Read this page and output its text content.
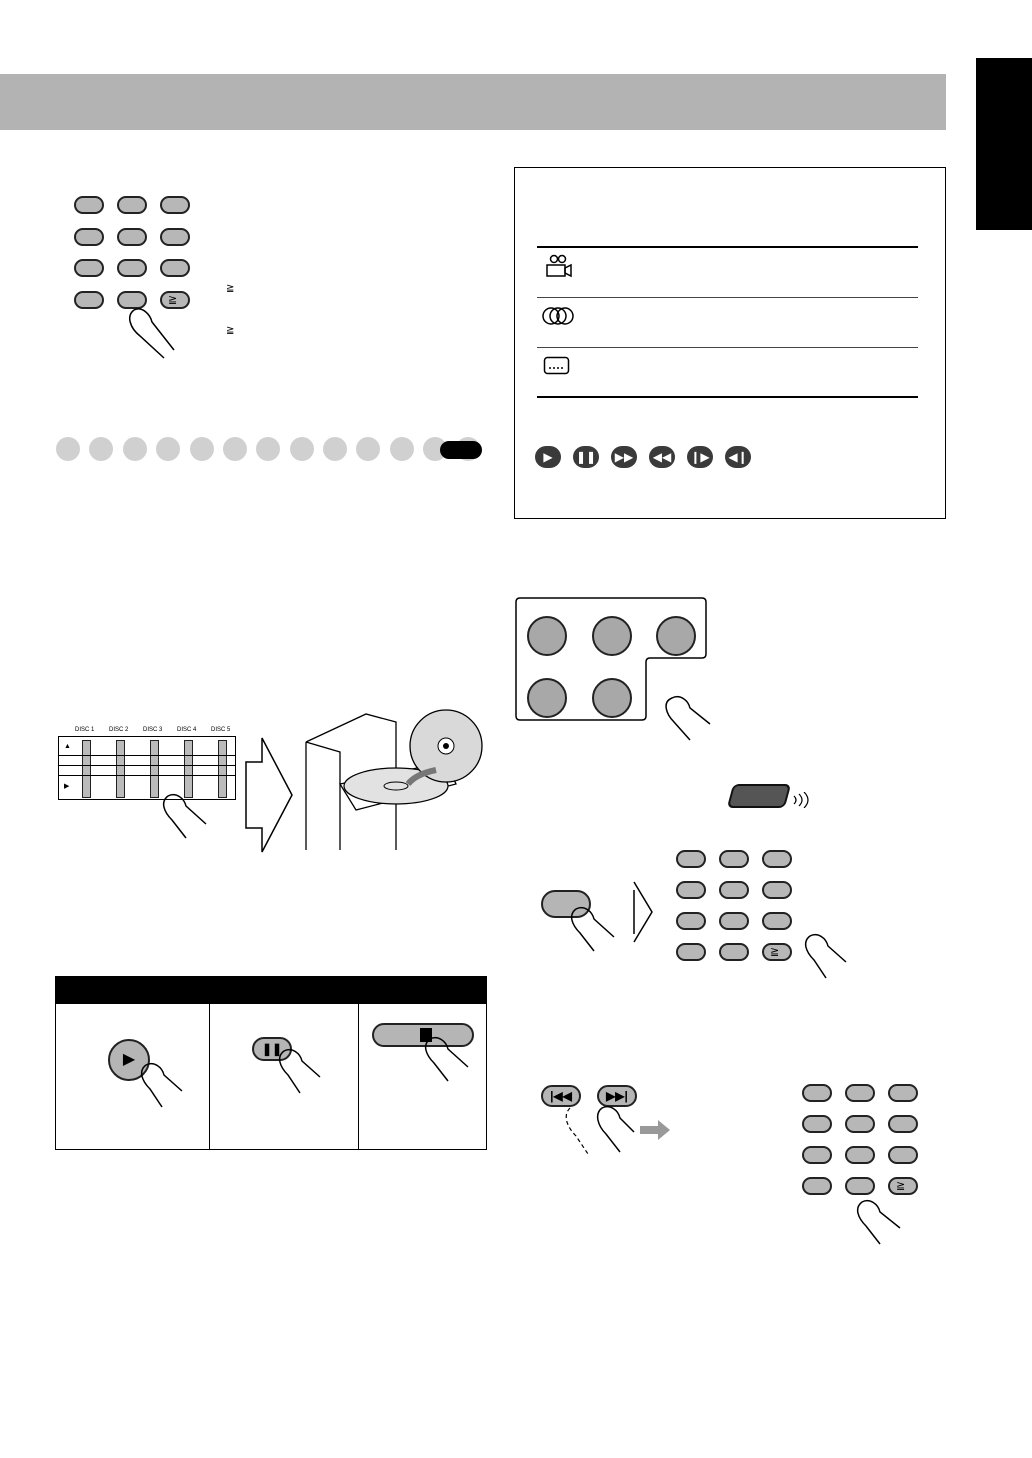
≧
≧
≧
▶	❚❚	▶▶	◀◀	❙▶ ◀❙
≧
|◀◀	▶▶|
≧
DISC 1 DISC 2 DISC 3 DISC 4 DISC 5
▲
▶
▶
❚❚
